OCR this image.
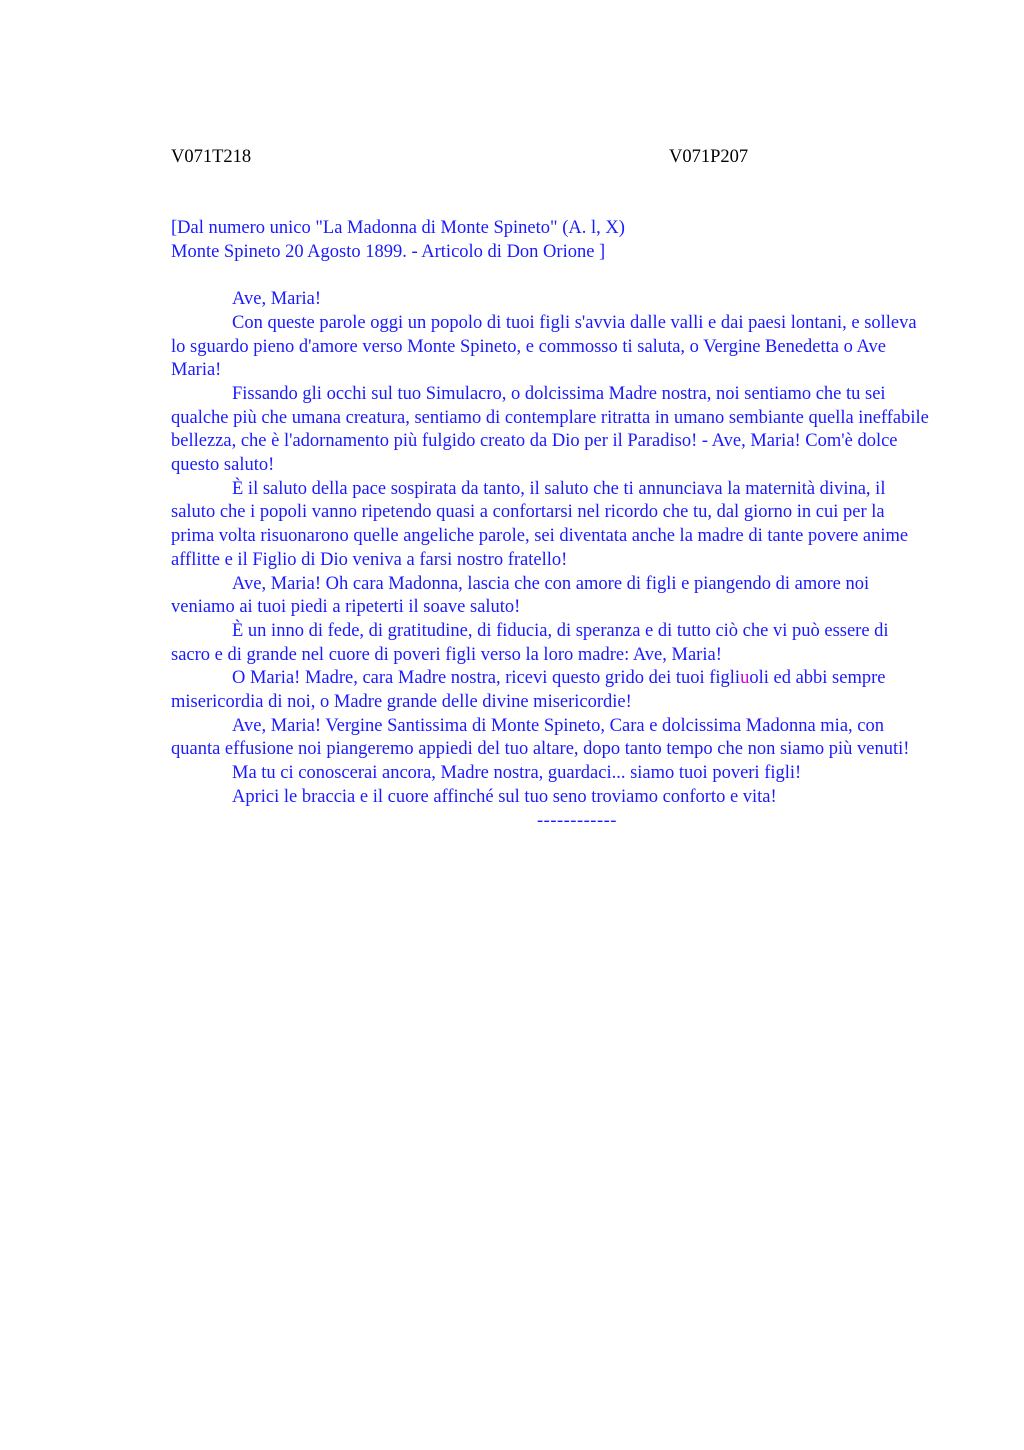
V071T218	V071P207
[Dal numero unico "La Madonna di Monte Spineto" (A. l, X)
Monte Spineto 20 Agosto 1899. - Articolo di Don Orione ]

Ave, Maria!

Con queste parole oggi un popolo di tuoi figli s'avvia dalle valli e dai paesi lontani, e solleva lo sguardo pieno d'amore verso Monte Spineto, e commosso ti saluta, o Vergine Benedetta o Ave Maria!

Fissando gli occhi sul tuo Simulacro, o dolcissima Madre nostra, noi sentiamo che tu sei qualche più che umana creatura, sentiamo di contemplare ritratta in umano sembiante quella ineffabile bellezza, che è l'adornamento più fulgido creato da Dio per il Paradiso! - Ave, Maria! Com'è dolce questo saluto!

È il saluto della pace sospirata da tanto, il saluto che ti annunciava la maternità divina, il saluto che i popoli vanno ripetendo quasi a confortarsi nel ricordo che tu, dal giorno in cui per la prima volta risuonarono quelle angeliche parole, sei diventata anche la madre di tante povere anime afflitte e il Figlio di Dio veniva a farsi nostro fratello!

Ave, Maria! Oh cara Madonna, lascia che con amore di figli e piangendo di amore noi veniamo ai tuoi piedi a ripeterti il soave saluto!

È un inno di fede, di gratitudine, di fiducia, di speranza e di tutto ciò che vi può essere di sacro e di grande nel cuore di poveri figli verso la loro madre: Ave, Maria!

O Maria! Madre, cara Madre nostra, ricevi questo grido dei tuoi figliuoli ed abbi sempre misericordia di noi, o Madre grande delle divine misericordie!

Ave, Maria! Vergine Santissima di Monte Spineto, Cara e dolcissima Madonna mia, con quanta effusione noi piangeremo appiedi del tuo altare, dopo tanto tempo che non siamo più venuti!

Ma tu ci conoscerai ancora, Madre nostra, guardaci... siamo tuoi poveri figli!

Aprici le braccia e il cuore affinché sul tuo seno troviamo conforto e vita!

------------
